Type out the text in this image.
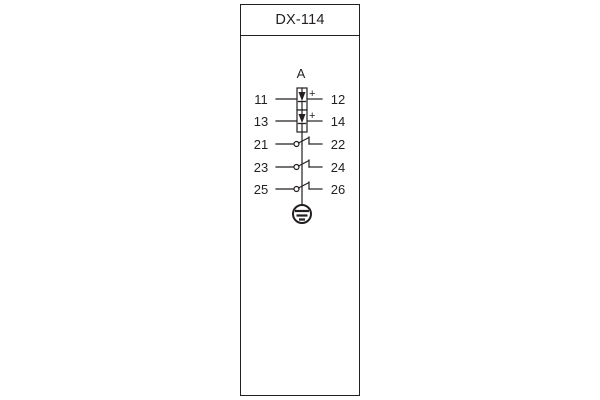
DX-114
A
11
13
21
23
25
12
14
22
24
26
+
+
